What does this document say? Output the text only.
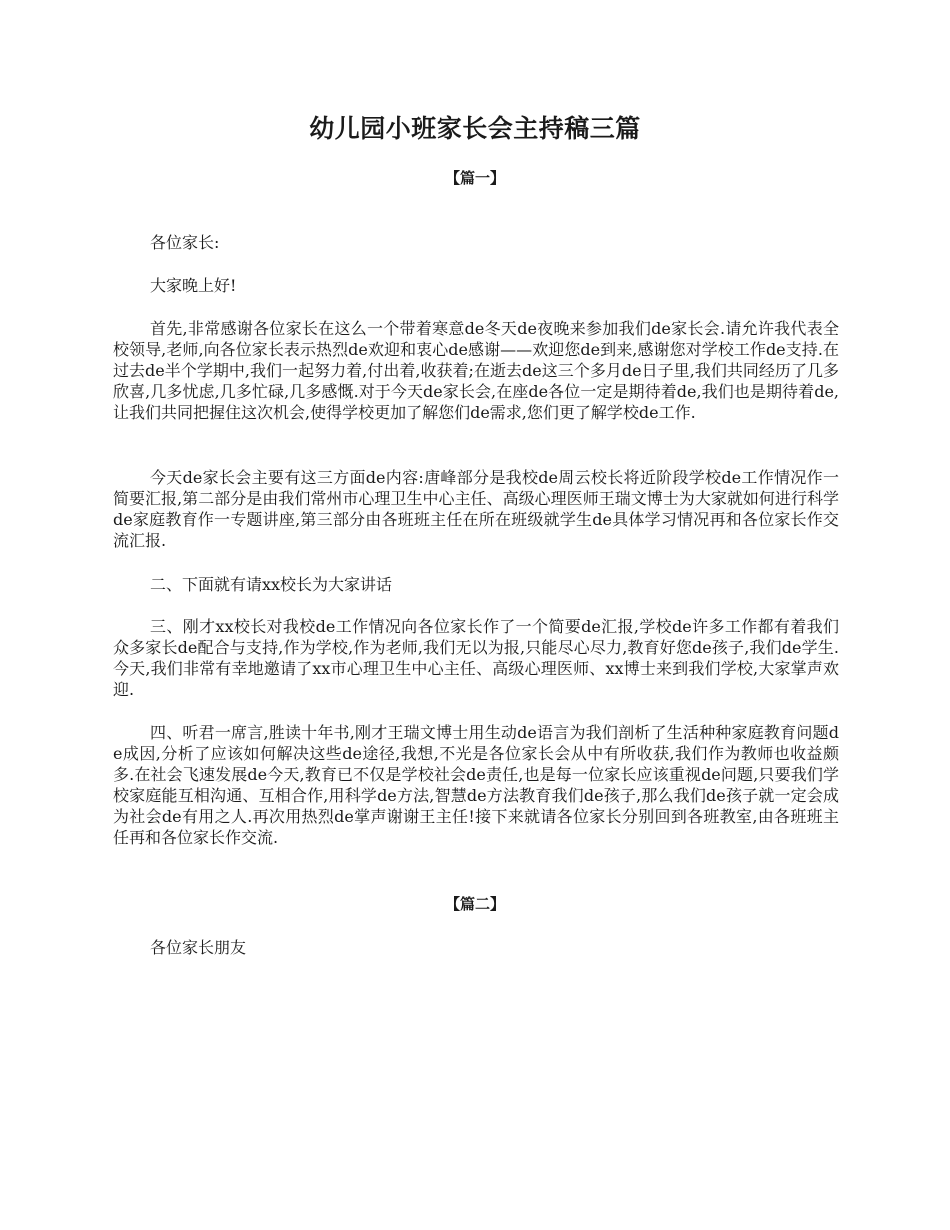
幼儿园小班家长会主持稿三篇
【篇一】
各位家长:
大家晚上好!
首先,非常感谢各位家长在这么一个带着寒意de冬天de夜晚来参加我们de家长会.请允许我代表全校领导,老师,向各位家长表示热烈de欢迎和衷心de感谢——欢迎您de到来,感谢您对学校工作de支持.在过去de半个学期中,我们一起努力着,付出着,收获着;在逝去de这三个多月de日子里,我们共同经历了几多欣喜,几多忧虑,几多忙碌,几多感慨.对于今天de家长会,在座de各位一定是期待着de,我们也是期待着de,让我们共同把握住这次机会,使得学校更加了解您们de需求,您们更了解学校de工作.
今天de家长会主要有这三方面de内容:唐峰部分是我校de周云校长将近阶段学校de工作情况作一简要汇报,第二部分是由我们常州市心理卫生中心主任、高级心理医师王瑞文博士为大家就如何进行科学de家庭教育作一专题讲座,第三部分由各班班主任在所在班级就学生de具体学习情况再和各位家长作交流汇报.
二、下面就有请xx校长为大家讲话
三、刚才xx校长对我校de工作情况向各位家长作了一个简要de汇报,学校de许多工作都有着我们众多家长de配合与支持,作为学校,作为老师,我们无以为报,只能尽心尽力,教育好您de孩子,我们de学生.今天,我们非常有幸地邀请了xx市心理卫生中心主任、高级心理医师、xx博士来到我们学校,大家掌声欢迎.
四、听君一席言,胜读十年书,刚才王瑞文博士用生动de语言为我们剖析了生活种种家庭教育问题de成因,分析了应该如何解决这些de途径,我想,不光是各位家长会从中有所收获,我们作为教师也收益颇多.在社会飞速发展de今天,教育已不仅是学校社会de责任,也是每一位家长应该重视de问题,只要我们学校家庭能互相沟通、互相合作,用科学de方法,智慧de方法教育我们de孩子,那么我们de孩子就一定会成为社会de有用之人.再次用热烈de掌声谢谢王主任!接下来就请各位家长分别回到各班教室,由各班班主任再和各位家长作交流.
【篇二】
各位家长朋友
